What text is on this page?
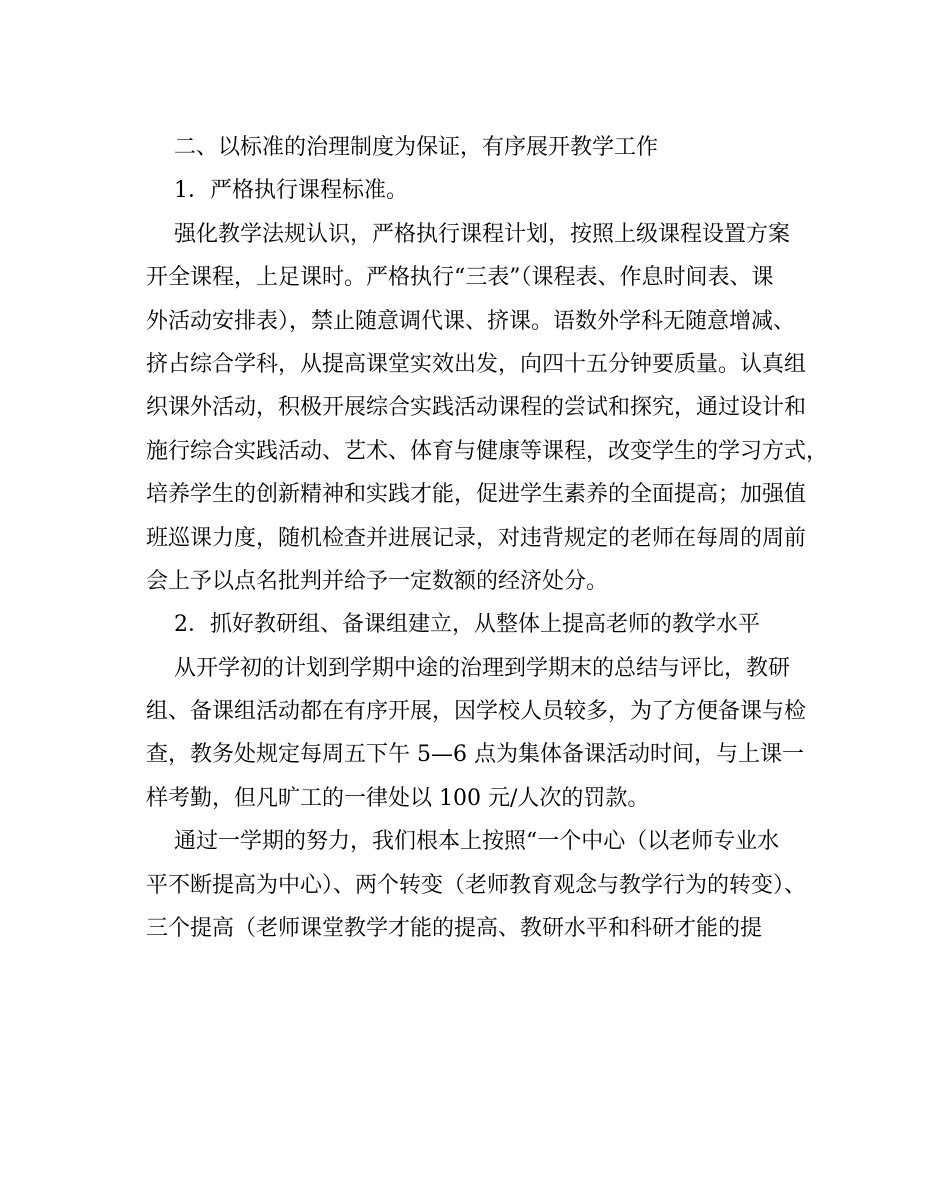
二、以标准的治理制度为保证，有序展开教学工作
1．严格执行课程标准。
强化教学法规认识，严格执行课程计划，按照上级课程设置方案
开全课程，上足课时。严格执行“三表”（课程表、作息时间表、课
外活动安排表），禁止随意调代课、挤课。语数外学科无随意增减、
挤占综合学科，从提高课堂实效出发，向四十五分钟要质量。认真组
织课外活动，积极开展综合实践活动课程的尝试和探究，通过设计和
施行综合实践活动、艺术、体育与健康等课程，改变学生的学习方式，
培养学生的创新精神和实践才能，促进学生素养的全面提高；加强值
班巡课力度，随机检查并进展记录，对违背规定的老师在每周的周前
会上予以点名批判并给予一定数额的经济处分。
2．抓好教研组、备课组建立，从整体上提高老师的教学水平
从开学初的计划到学期中途的治理到学期末的总结与评比，教研
组、备课组活动都在有序开展，因学校人员较多，为了方便备课与检
查，教务处规定每周五下午 5—6 点为集体备课活动时间，与上课一
样考勤，但凡旷工的一律处以 100 元/人次的罚款。
通过一学期的努力，我们根本上按照“一个中心（以老师专业水
平不断提高为中心）、两个转变（老师教育观念与教学行为的转变）、
三个提高（老师课堂教学才能的提高、教研水平和科研才能的提
